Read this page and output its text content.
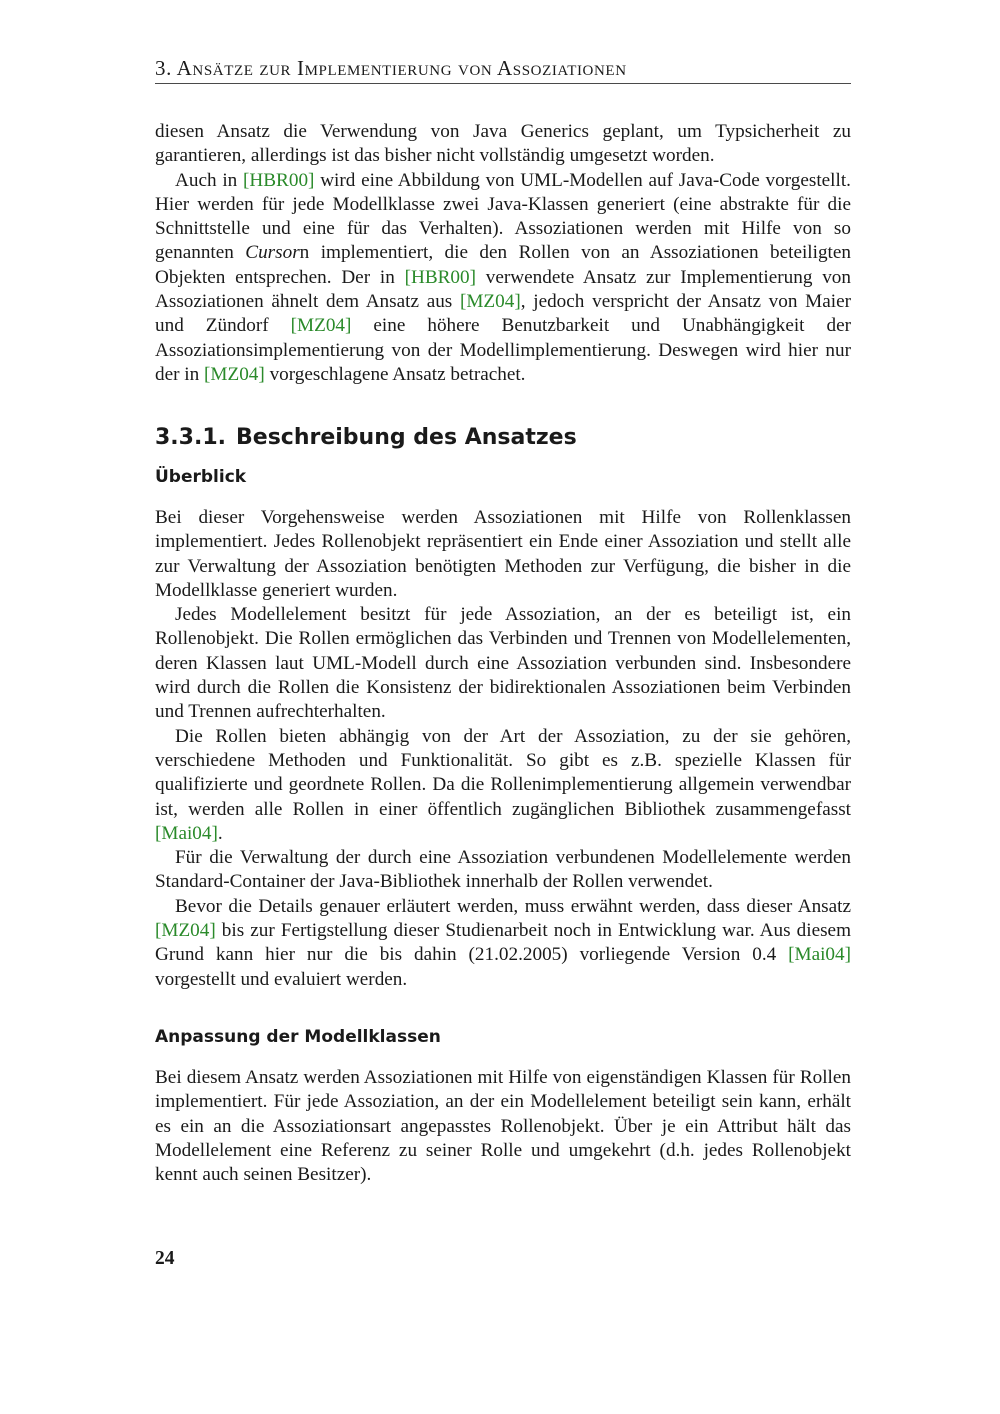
3. Ansätze zur Implementierung von Assoziationen

diesen Ansatz die Verwendung von Java Generics geplant, um Typsicherheit zu garantieren, allerdings ist das bisher nicht vollständig umgesetzt worden.

Auch in [HBR00] wird eine Abbildung von UML-Modellen auf Java-Code vorgestellt. Hier werden für jede Modellklasse zwei Java-Klassen generiert (eine abstrakte für die Schnittstelle und eine für das Verhalten). Assoziationen werden mit Hilfe von so genannten Cursorn implementiert, die den Rollen von an Assoziationen beteiligten Objekten entsprechen. Der in [HBR00] verwendete Ansatz zur Implementierung von Assoziationen ähnelt dem Ansatz aus [MZ04], jedoch verspricht der Ansatz von Maier und Zündorf [MZ04] eine höhere Benutzbarkeit und Unabhängigkeit der Assoziationsimplementierung von der Modellimplementierung. Deswegen wird hier nur der in [MZ04] vorgeschlagene Ansatz betrachet.

3.3.1. Beschreibung des Ansatzes
Überblick

Bei dieser Vorgehensweise werden Assoziationen mit Hilfe von Rollenklassen implementiert. Jedes Rollenobjekt repräsentiert ein Ende einer Assoziation und stellt alle zur Verwaltung der Assoziation benötigten Methoden zur Verfügung, die bisher in die Modellklasse generiert wurden.

Jedes Modellelement besitzt für jede Assoziation, an der es beteiligt ist, ein Rollenobjekt. Die Rollen ermöglichen das Verbinden und Trennen von Modellelementen, deren Klassen laut UML-Modell durch eine Assoziation verbunden sind. Insbesondere wird durch die Rollen die Konsistenz der bidirektionalen Assoziationen beim Verbinden und Trennen aufrechterhalten.

Die Rollen bieten abhängig von der Art der Assoziation, zu der sie gehören, verschiedene Methoden und Funktionalität. So gibt es z.B. spezielle Klassen für qualifizierte und geordnete Rollen. Da die Rollenimplementierung allgemein verwendbar ist, werden alle Rollen in einer öffentlich zugänglichen Bibliothek zusammengefasst [Mai04].

Für die Verwaltung der durch eine Assoziation verbundenen Modellelemente werden Standard-Container der Java-Bibliothek innerhalb der Rollen verwendet.

Bevor die Details genauer erläutert werden, muss erwähnt werden, dass dieser Ansatz [MZ04] bis zur Fertigstellung dieser Studienarbeit noch in Entwicklung war. Aus diesem Grund kann hier nur die bis dahin (21.02.2005) vorliegende Version 0.4 [Mai04] vorgestellt und evaluiert werden.

Anpassung der Modellklassen

Bei diesem Ansatz werden Assoziationen mit Hilfe von eigenständigen Klassen für Rollen implementiert. Für jede Assoziation, an der ein Modellelement beteiligt sein kann, erhält es ein an die Assoziationsart angepasstes Rollenobjekt. Über je ein Attribut hält das Modellelement eine Referenz zu seiner Rolle und umgekehrt (d.h. jedes Rollenobjekt kennt auch seinen Besitzer).

24
